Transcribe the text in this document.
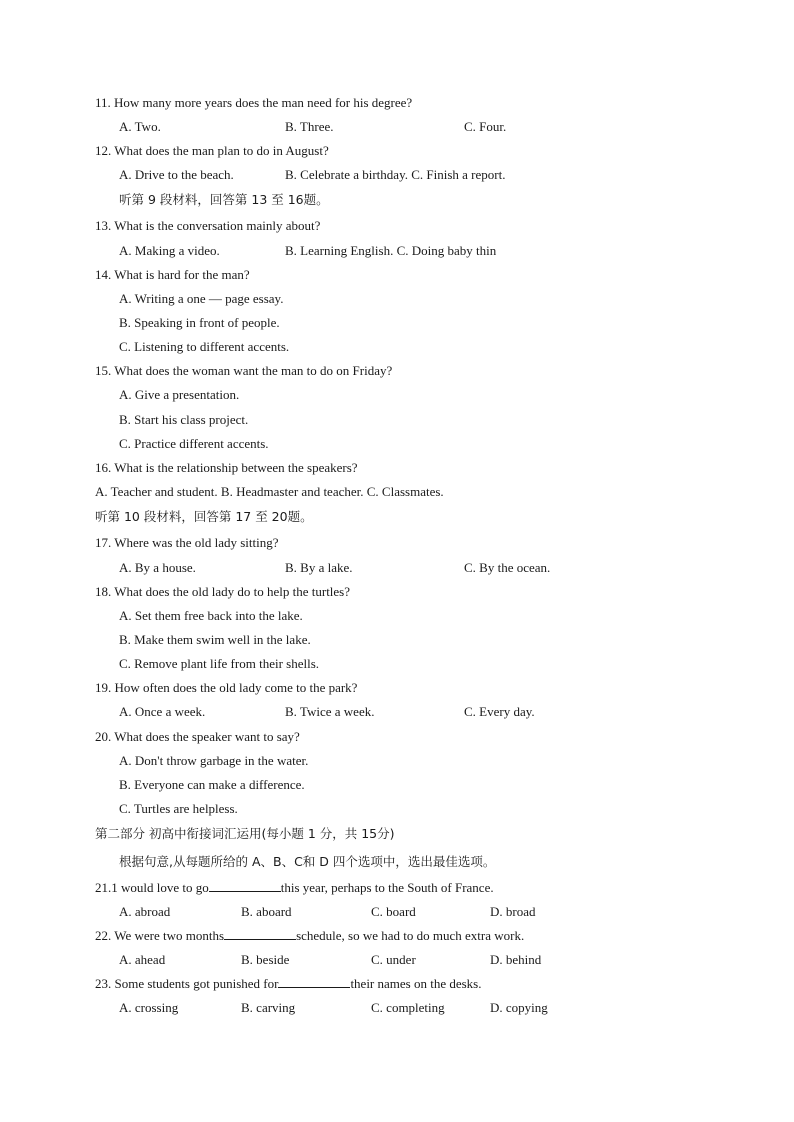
11. How many more years does the man need for his degree?
A. Two.	B. Three.	C. Four.
12. What does the man plan to do in August?
A. Drive to the beach.	B. Celebrate a birthday. C. Finish a report.
听第 9 段材料，回答第 13 至 16题。
13. What is the conversation mainly about?
A. Making a video.	B. Learning English. C. Doing baby thin
14. What is hard for the man?
A. Writing a one — page essay.
B. Speaking in front of people.
C. Listening to different accents.
15. What does the woman want the man to do on Friday?
A. Give a presentation.
B. Start his class project.
C. Practice different accents.
16. What is the relationship between the speakers?
A. Teacher and student. B. Headmaster and teacher. C. Classmates.
听第 10 段材料，回答第 17 至 20题。
17. Where was the old lady sitting?
A. By a house.	B. By a lake.	C. By the ocean.
18. What does the old lady do to help the turtles?
A. Set them free back into the lake.
B. Make them swim well in the lake.
C. Remove plant life from their shells.
19. How often does the old lady come to the park?
A. Once a week.	B. Twice a week.	C. Every day.
20. What does the speaker want to say?
A. Don't throw garbage in the water.
B. Everyone can make a difference.
C. Turtles are helpless.
第二部分 初高中衔接词汇运用(每小题 1 分，共 15分)
根据句意,从每题所给的 A、B、C和 D 四个选项中，选出最佳选项。
21.1 would love to go	this year, perhaps to the South of France.
A. abroad	B. aboard	C. board	D. broad
22. We were two months	schedule, so we had to do much extra work.
A. ahead	B. beside	C. under	D. behind
23. Some students got punished for	their names on the desks.
A. crossing	B. carving	C. completing	D. copying
